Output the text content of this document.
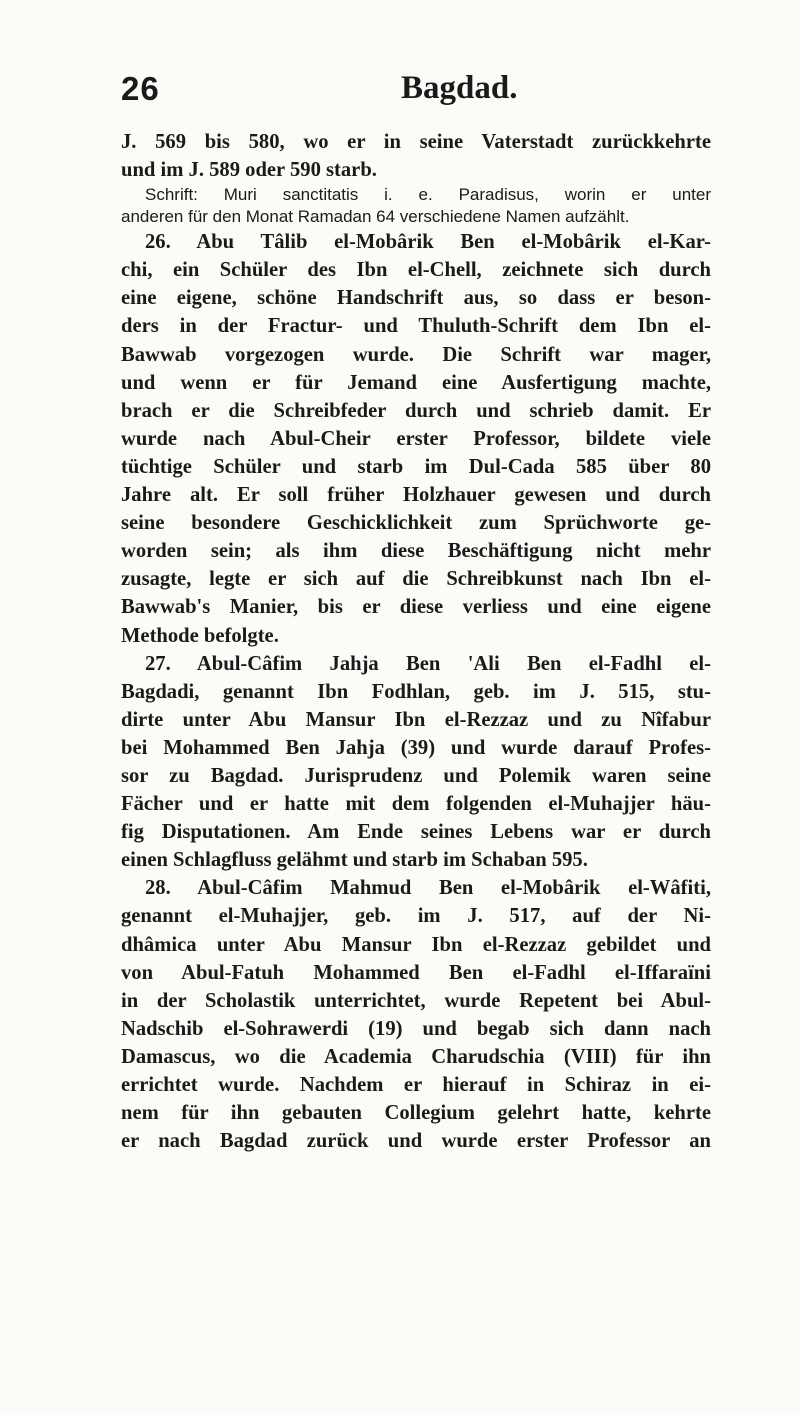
26	Bagdad.
J. 569 bis 580, wo er in seine Vaterstadt zurückkehrte
und im J. 589 oder 590 starb.
Schrift: Muri sanctitatis i. e. Paradisus, worin er unter
anderen für den Monat Ramadan 64 verschiedene Namen aufzählt.
26. Abu Tâlib el-Mobârik Ben el-Mobârik el-Kar-
chi, ein Schüler des Ibn el-Chell, zeichnete sich durch
eine eigene, schöne Handschrift aus, so dass er beson-
ders in der Fractur- und Thuluth-Schrift dem Ibn el-
Bawwab vorgezogen wurde. Die Schrift war mager,
und wenn er für Jemand eine Ausfertigung machte,
brach er die Schreibfeder durch und schrieb damit. Er
wurde nach Abul-Cheir erster Professor, bildete viele
tüchtige Schüler und starb im Dul-Cada 585 über 80
Jahre alt. Er soll früher Holzhauer gewesen und durch
seine besondere Geschicklichkeit zum Sprüchworte ge-
worden sein; als ihm diese Beschäftigung nicht mehr
zusagte, legte er sich auf die Schreibkunst nach Ibn el-
Bawwab's Manier, bis er diese verliess und eine eigene
Methode befolgte.
27. Abul-Câfim Jahja Ben 'Ali Ben el-Fadhl el-
Bagdadi, genannt Ibn Fodhlan, geb. im J. 515, stu-
dirte unter Abu Mansur Ibn el-Rezzaz und zu Nîfabur
bei Mohammed Ben Jahja (39) und wurde darauf Profes-
sor zu Bagdad. Jurisprudenz und Polemik waren seine
Fächer und er hatte mit dem folgenden el-Muhajjer häu-
fig Disputationen. Am Ende seines Lebens war er durch
einen Schlagfluss gelähmt und starb im Schaban 595.
28. Abul-Câfim Mahmud Ben el-Mobârik el-Wâfiti,
genannt el-Muhajjer, geb. im J. 517, auf der Ni-
dhâmica unter Abu Mansur Ibn el-Rezzaz gebildet und
von Abul-Fatuh Mohammed Ben el-Fadhl el-Iffaraïni
in der Scholastik unterrichtet, wurde Repetent bei Abul-
Nadschib el-Sohrawerdi (19) und begab sich dann nach
Damascus, wo die Academia Charudschia (VIII) für ihn
errichtet wurde. Nachdem er hierauf in Schiraz in ei-
nem für ihn gebauten Collegium gelehrt hatte, kehrte
er nach Bagdad zurück und wurde erster Professor an
